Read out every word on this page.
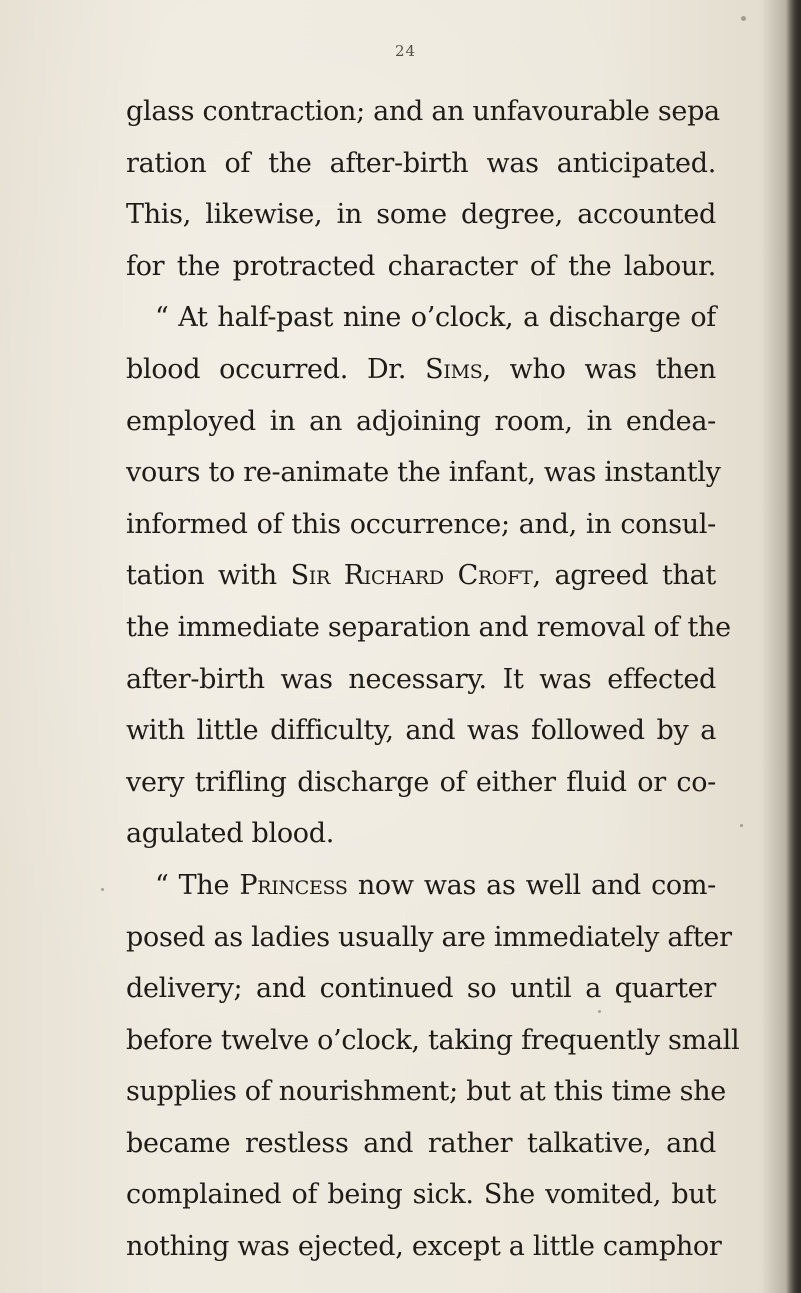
24
glass contraction; and an unfavourable sepa
ration of the after-birth was anticipated.
This, likewise, in some degree, accounted
for the protracted character of the labour.
“ At half-past nine o’clock, a discharge of
blood occurred. Dr. Sims, who was then
employed in an adjoining room, in endea-
vours to re-animate the infant, was instantly
informed of this occurrence; and, in consul-
tation with Sir Richard Croft, agreed that
the immediate separation and removal of the
after-birth was necessary. It was effected
with little difficulty, and was followed by a
very trifling discharge of either fluid or co-
agulated blood.
“ The Princess now was as well and com-
posed as ladies usually are immediately after
delivery; and continued so until a quarter
before twelve o’clock, taking frequently small
supplies of nourishment; but at this time she
became restless and rather talkative, and
complained of being sick. She vomited, but
nothing was ejected, except a little camphor
